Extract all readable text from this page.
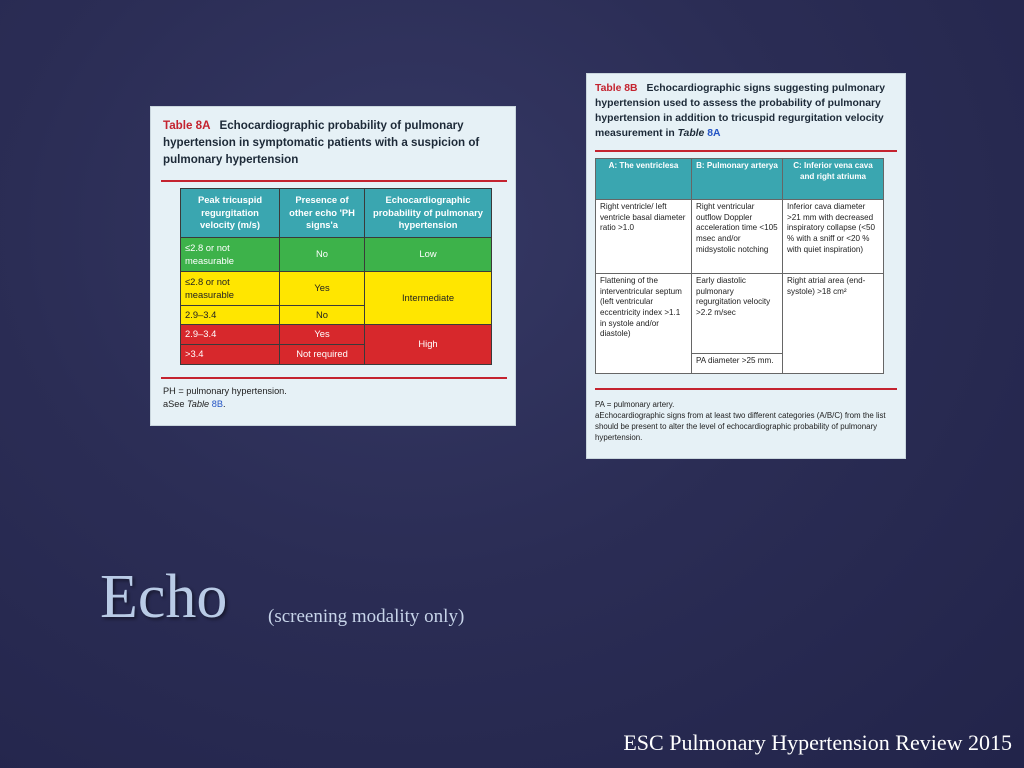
Table 8A Echocardiographic probability of pulmonary hypertension in symptomatic patients with a suspicion of pulmonary hypertension
Peak tricuspid regurgitation velocity (m/s)	Presence of other echo 'PH signs'a	Echocardiographic probability of pulmonary hypertension
≤2.8 or not measurable	No	Low
≤2.8 or not measurable	Yes	Intermediate
2.9–3.4	No	
2.9–3.4	Yes	High
>3.4	Not required	
PH = pulmonary hypertension.
aSee Table 8B.
Table 8B Echocardiographic signs suggesting pulmonary hypertension used to assess the probability of pulmonary hypertension in addition to tricuspid regurgitation velocity measurement in Table 8A
A: The ventriclesa	B: Pulmonary arterya	C: Inferior vena cava and right atriuma
Right ventricle/ left ventricle basal diameter ratio >1.0	Right ventricular outflow Doppler acceleration time <105 msec and/or midsystolic notching	Inferior cava diameter >21 mm with decreased inspiratory collapse (<50 % with a sniff or <20 % with quiet inspiration)
Flattening of the interventricular septum (left ventricular eccentricity index >1.1 in systole and/or diastole)	Early diastolic pulmonary regurgitation velocity >2.2 m/sec	Right atrial area (end-systole) >18 cm²
	PA diameter >25 mm.	
PA = pulmonary artery.
aEchocardiographic signs from at least two different categories (A/B/C) from the list should be present to alter the level of echocardiographic probability of pulmonary hypertension.
Echo (screening modality only)
ESC Pulmonary Hypertension Review 2015
